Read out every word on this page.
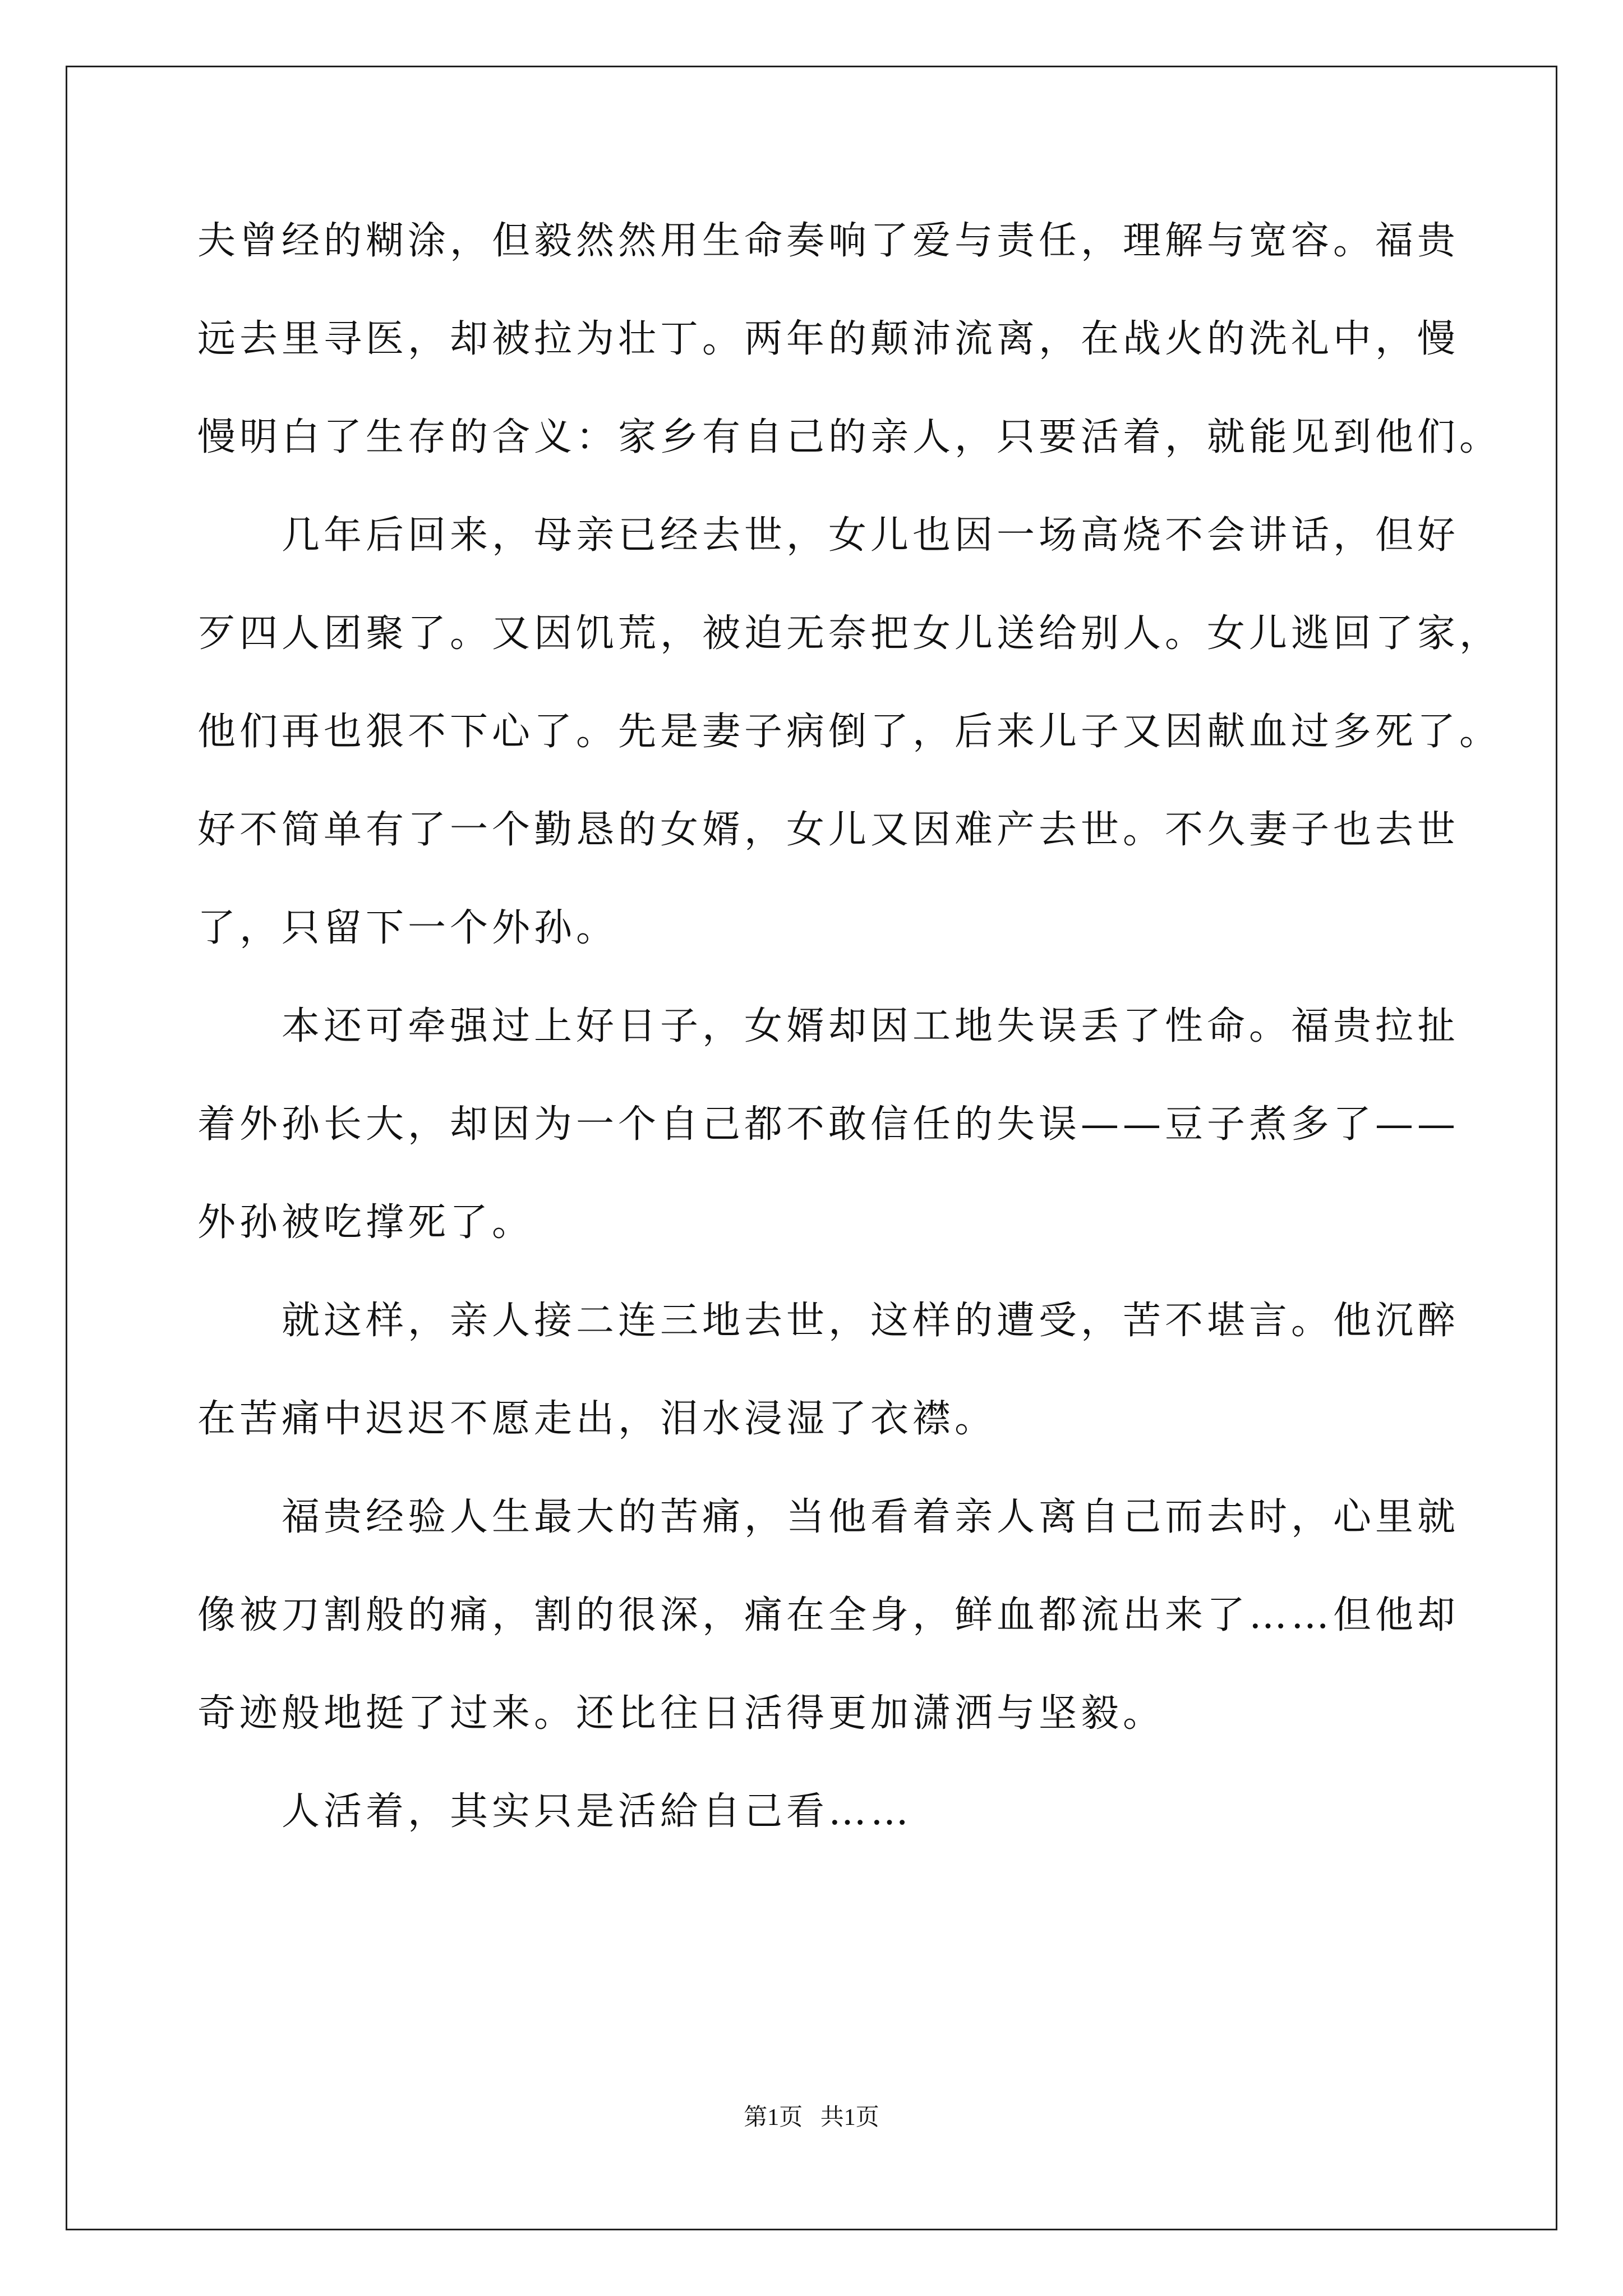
夫曾经的糊涂，但毅然然用生命奏响了爱与责任，理解与宽容。福贵
远去里寻医，却被拉为壮丁。两年的颠沛流离，在战火的洗礼中，慢
慢明白了生存的含义：家乡有自己的亲人，只要活着，就能见到他们。
几年后回来，母亲已经去世，女儿也因一场高烧不会讲话，但好
歹四人团聚了。又因饥荒，被迫无奈把女儿送给别人。女儿逃回了家，
他们再也狠不下心了。先是妻子病倒了，后来儿子又因献血过多死了。
好不简单有了一个勤恳的女婿，女儿又因难产去世。不久妻子也去世
了，只留下一个外孙。
本还可牵强过上好日子，女婿却因工地失误丢了性命。福贵拉扯
着外孙长大，却因为一个自己都不敢信任的失误——豆子煮多了——
外孙被吃撑死了。
就这样，亲人接二连三地去世，这样的遭受，苦不堪言。他沉醉
在苦痛中迟迟不愿走出，泪水浸湿了衣襟。
福贵经验人生最大的苦痛，当他看着亲人离自己而去时，心里就
像被刀割般的痛，割的很深，痛在全身，鲜血都流出来了……但他却
奇迹般地挺了过来。还比往日活得更加潇洒与坚毅。
人活着，其实只是活給自己看……
第1页   共1页
